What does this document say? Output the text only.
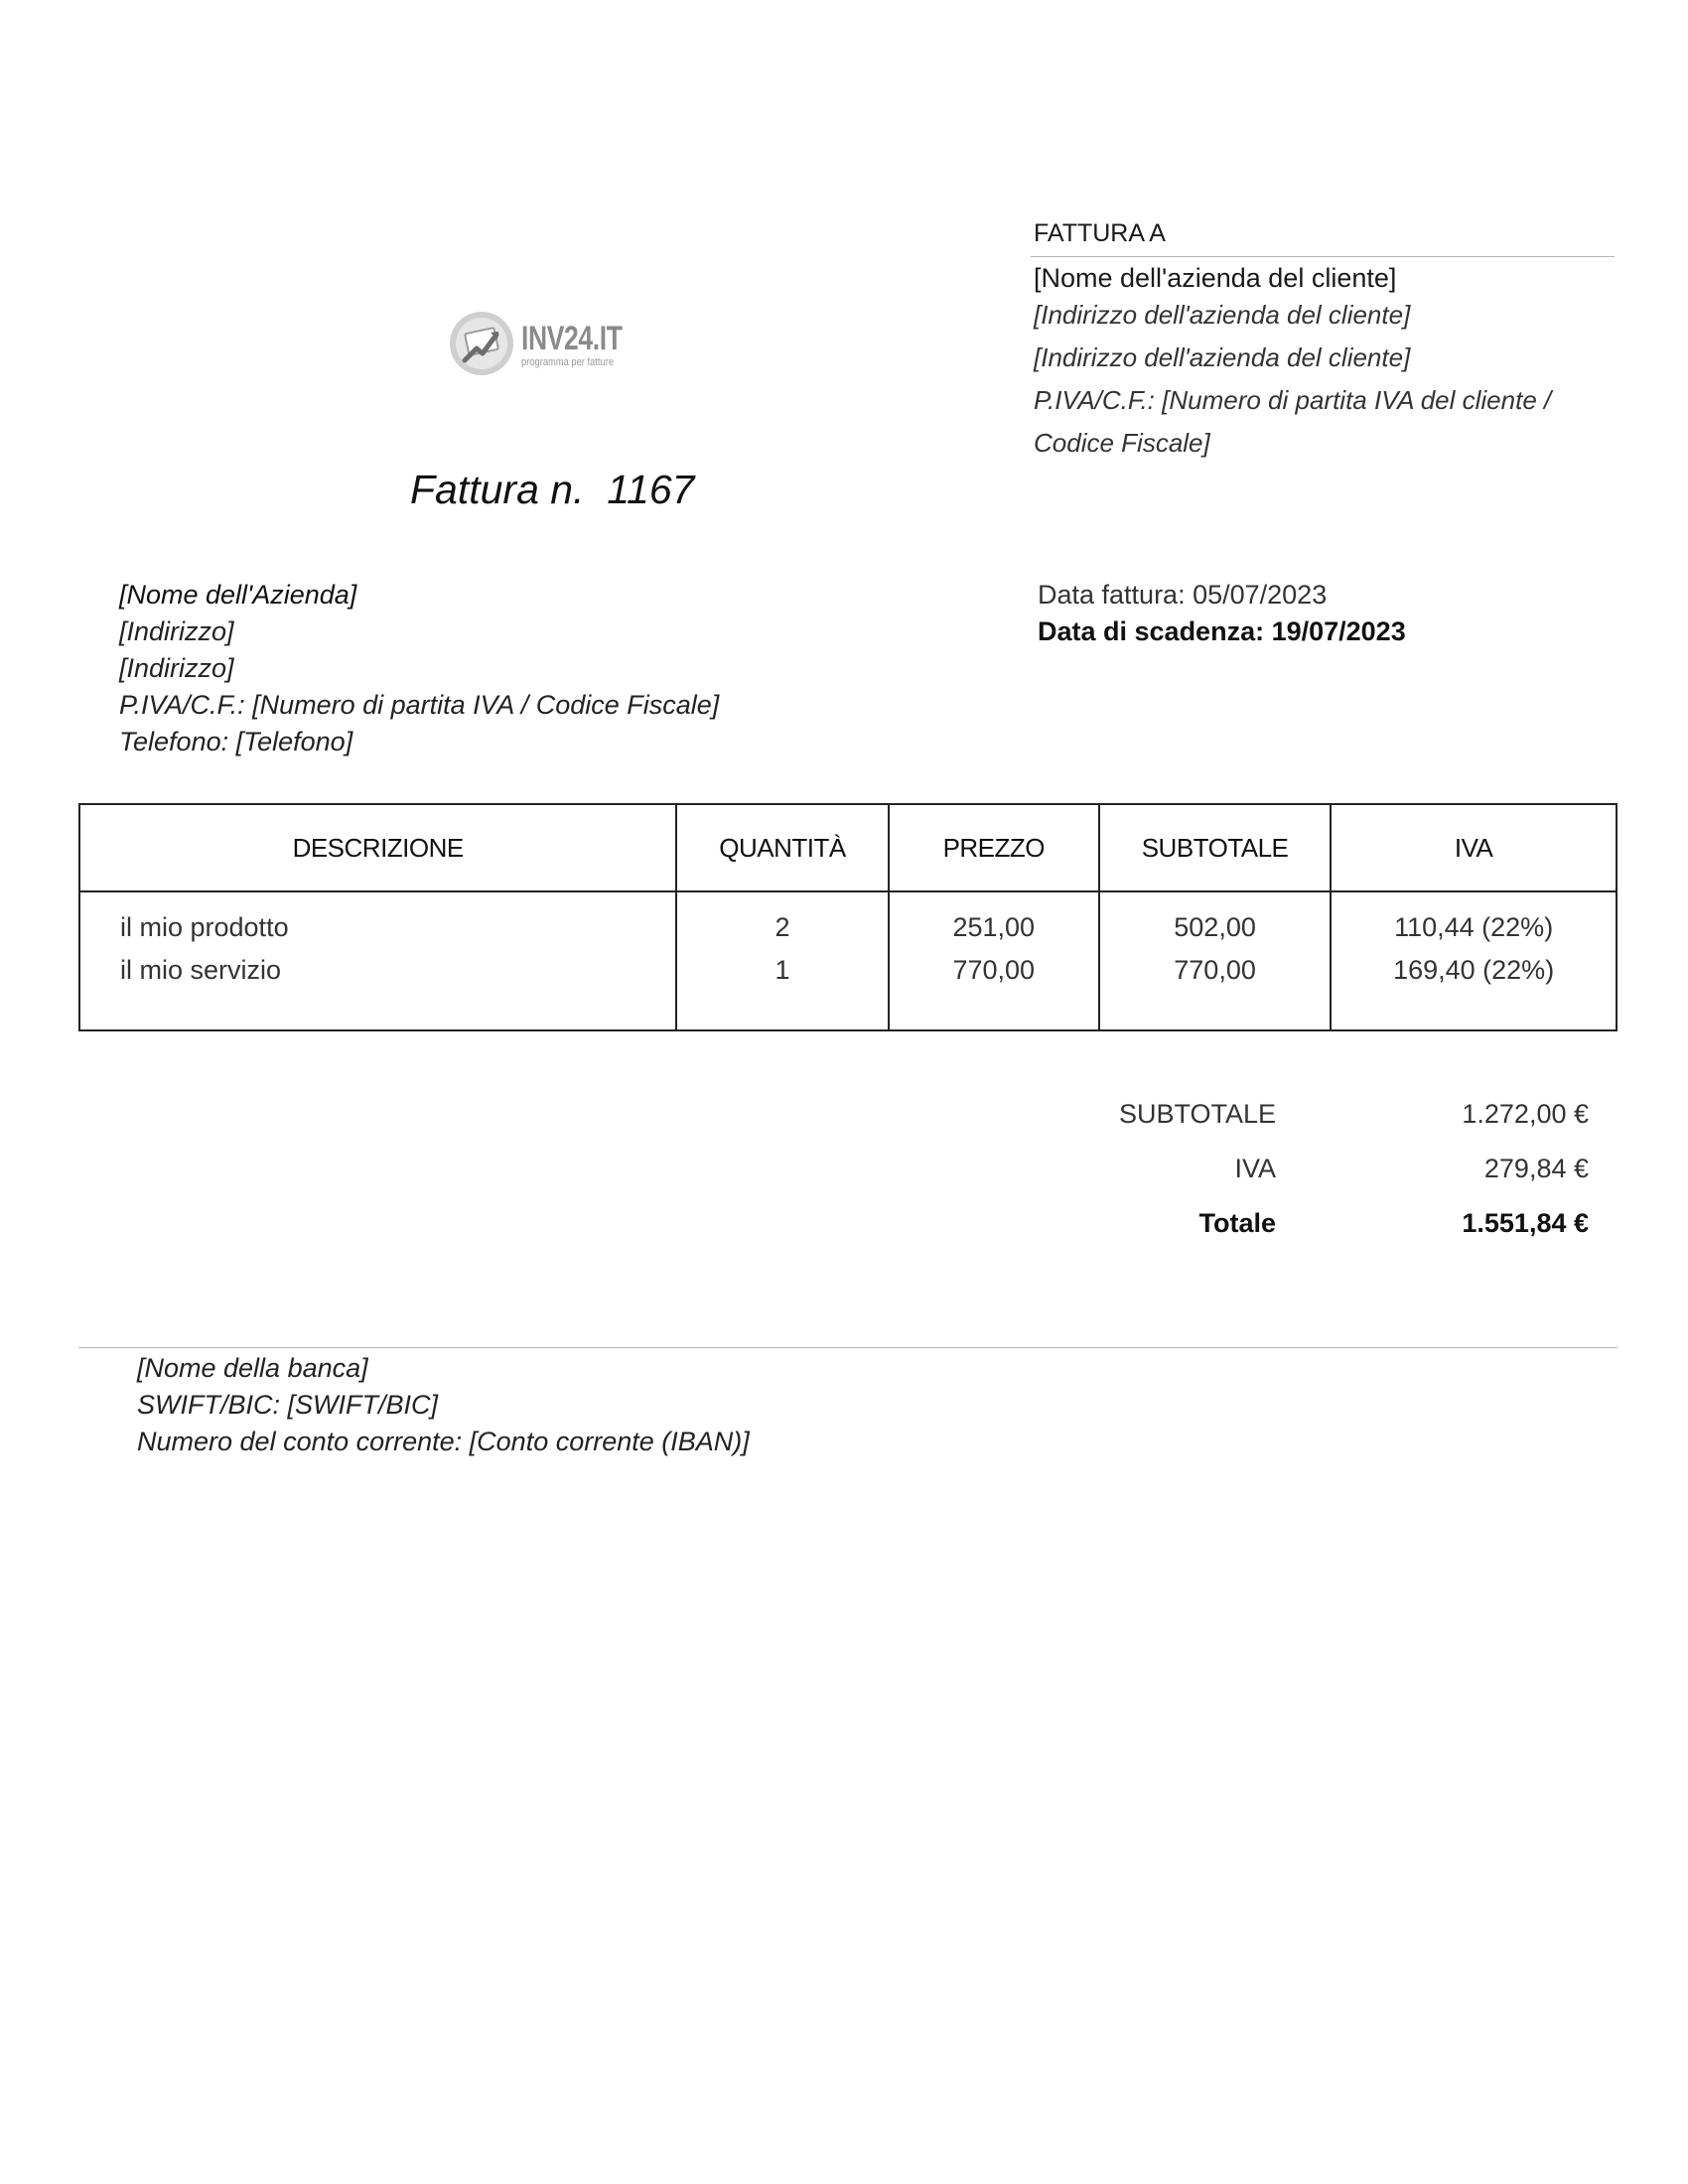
INV24.IT
programma per fatture
Fattura n.  1167
FATTURA A
[Nome dell'azienda del cliente]
[Indirizzo dell'azienda del cliente]
[Indirizzo dell'azienda del cliente]
P.IVA/C.F.: [Numero di partita IVA del cliente /
Codice Fiscale]
[Nome dell'Azienda]
[Indirizzo]
[Indirizzo]
P.IVA/C.F.: [Numero di partita IVA / Codice Fiscale]
Telefono: [Telefono]
Data fattura: 05/07/2023
Data di scadenza: 19/07/2023
DESCRIZIONE	QUANTITÀ	PREZZO	SUBTOTALE	IVA
il mio prodotto	2	251,00	502,00	110,44 (22%)
il mio servizio	1	770,00	770,00	169,40 (22%)

SUBTOTALE	1.272,00 €
IVA	279,84 €
Totale	1.551,84 €
[Nome della banca]
SWIFT/BIC: [SWIFT/BIC]
Numero del conto corrente: [Conto corrente (IBAN)]
